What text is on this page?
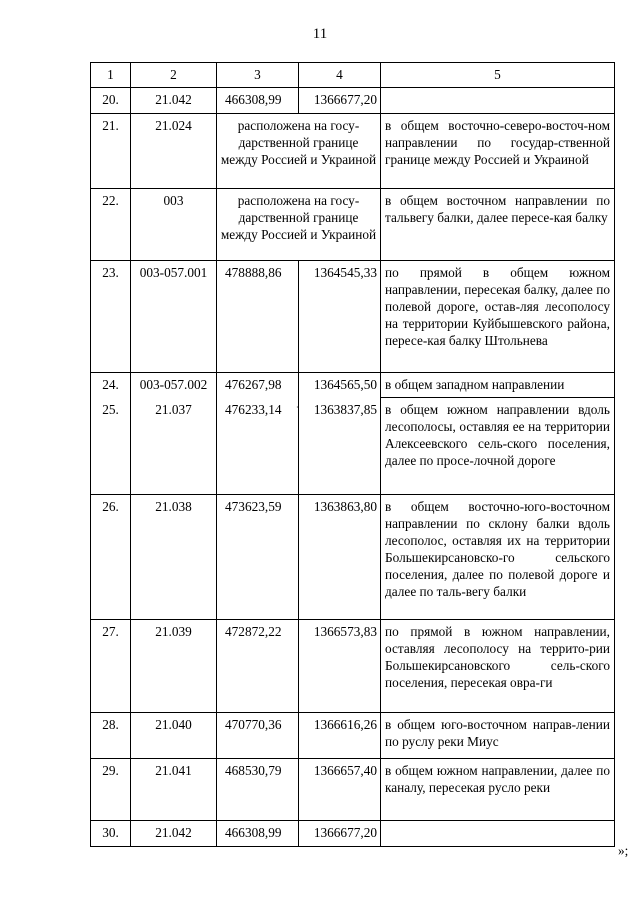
11
1	2	3	4	5
20.	21.042	466308,99	1366677,20	
21.	21.024	расположена на госу-дарственной границе между Россией и Украиной		в общем восточно-северо-восточ-ном направлении по государ-ственной границе между Россией и Украиной
22.	003	расположена на госу-дарственной границе между Россией и Украиной		в общем восточном направлении по тальвегу балки, далее пересе-кая балку
23.	003-057.001	478888,86	1364545,33	по прямой в общем южном направлении, пересекая балку, далее по полевой дороге, остав-ляя лесополосу на территории Куйбышевского района, пересе-кая балку Штольнева
24.	003-057.002	476267,98	1364565,50	в общем западном направлении
25.	21.037	476233,14	1363837,85	в общем южном направлении вдоль лесополосы, оставляя ее на территории Алексеевского сель-ского поселения, далее по просе-лочной дороге
26.	21.038	473623,59	1363863,80	в общем восточно-юго-восточном направлении по склону балки вдоль лесополос, оставляя их на территории Большекирсановско-го сельского поселения, далее по полевой дороге и далее по таль-вегу балки
27.	21.039	472872,22	1366573,83	по прямой в южном направлении, оставляя лесополосу на террито-рии Большекирсановского сель-ского поселения, пересекая овра-ги
28.	21.040	470770,36	1366616,26	в общем юго-восточном направ-лении по руслу реки Миус
29.	21.041	468530,79	1366657,40	в общем южном направлении, далее по каналу, пересекая русло реки
30.	21.042	466308,99	1366677,20	
·
»;
